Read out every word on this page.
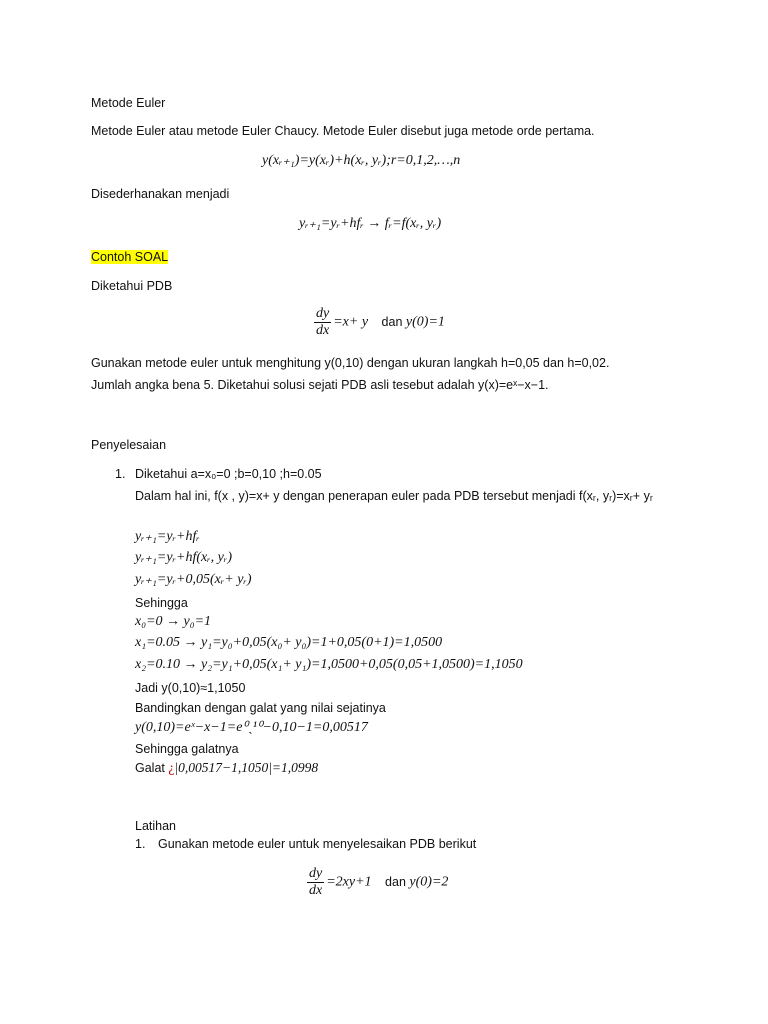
Metode Euler
Metode Euler atau metode Euler Chaucy. Metode Euler disebut juga metode orde pertama.
y(xᵣ₊₁)=y(xᵣ)+h(xᵣ, yᵣ);r=0,1,2,…,n
Disederhanakan menjadi
yᵣ₊₁=yᵣ+hfᵣ → fᵣ=f(xᵣ, yᵣ)
Contoh SOAL
Diketahui PDB
$\frac{dy}{dx} =x+ y$ dan y(0)=1
Gunakan metode euler untuk menghitung y(0,10) dengan ukuran langkah h=0,05 dan h=0,02.
Jumlah angka bena 5. Diketahui solusi sejati PDB asli tesebut adalah y(x)=eˣ−x−1.
Penyelesaian
1. Diketahui a=x₀=0 ;b=0,10 ;h=0.05
Dalam hal ini, f(x , y)=x+ y dengan penerapan euler pada PDB tersebut menjadi f(xᵣ, yᵣ)=xᵣ+ yᵣ
yᵣ₊₁=yᵣ+hfᵣ
yᵣ₊₁=yᵣ+hf(xᵣ, yᵣ)
yᵣ₊₁=yᵣ+0,05(xᵣ+ yᵣ)
Sehingga
x₀=0 → y₀=1
x₁=0.05 → y₁=y₀+0,05(x₀+ y₀)=1+0,05(0+1)=1,0500
x₂=0.10 → y₂=y₁+0,05(x₁+ y₁)=1,0500+0,05(0,05+1,0500)=1,1050
Jadi y(0,10)≈1,1050
Bandingkan dengan galat yang nilai sejatinya
y(0,10)=eˣ−x−1=e⁰ˎ¹⁰−0,10−1=0,00517
Sehingga galatnya
Galat ¿|0,00517−1,1050|=1,0998
Latihan
1. Gunakan metode euler untuk menyelesaikan PDB berikut
$\frac{dy}{dx} =2xy+1$ dan y(0)=2
